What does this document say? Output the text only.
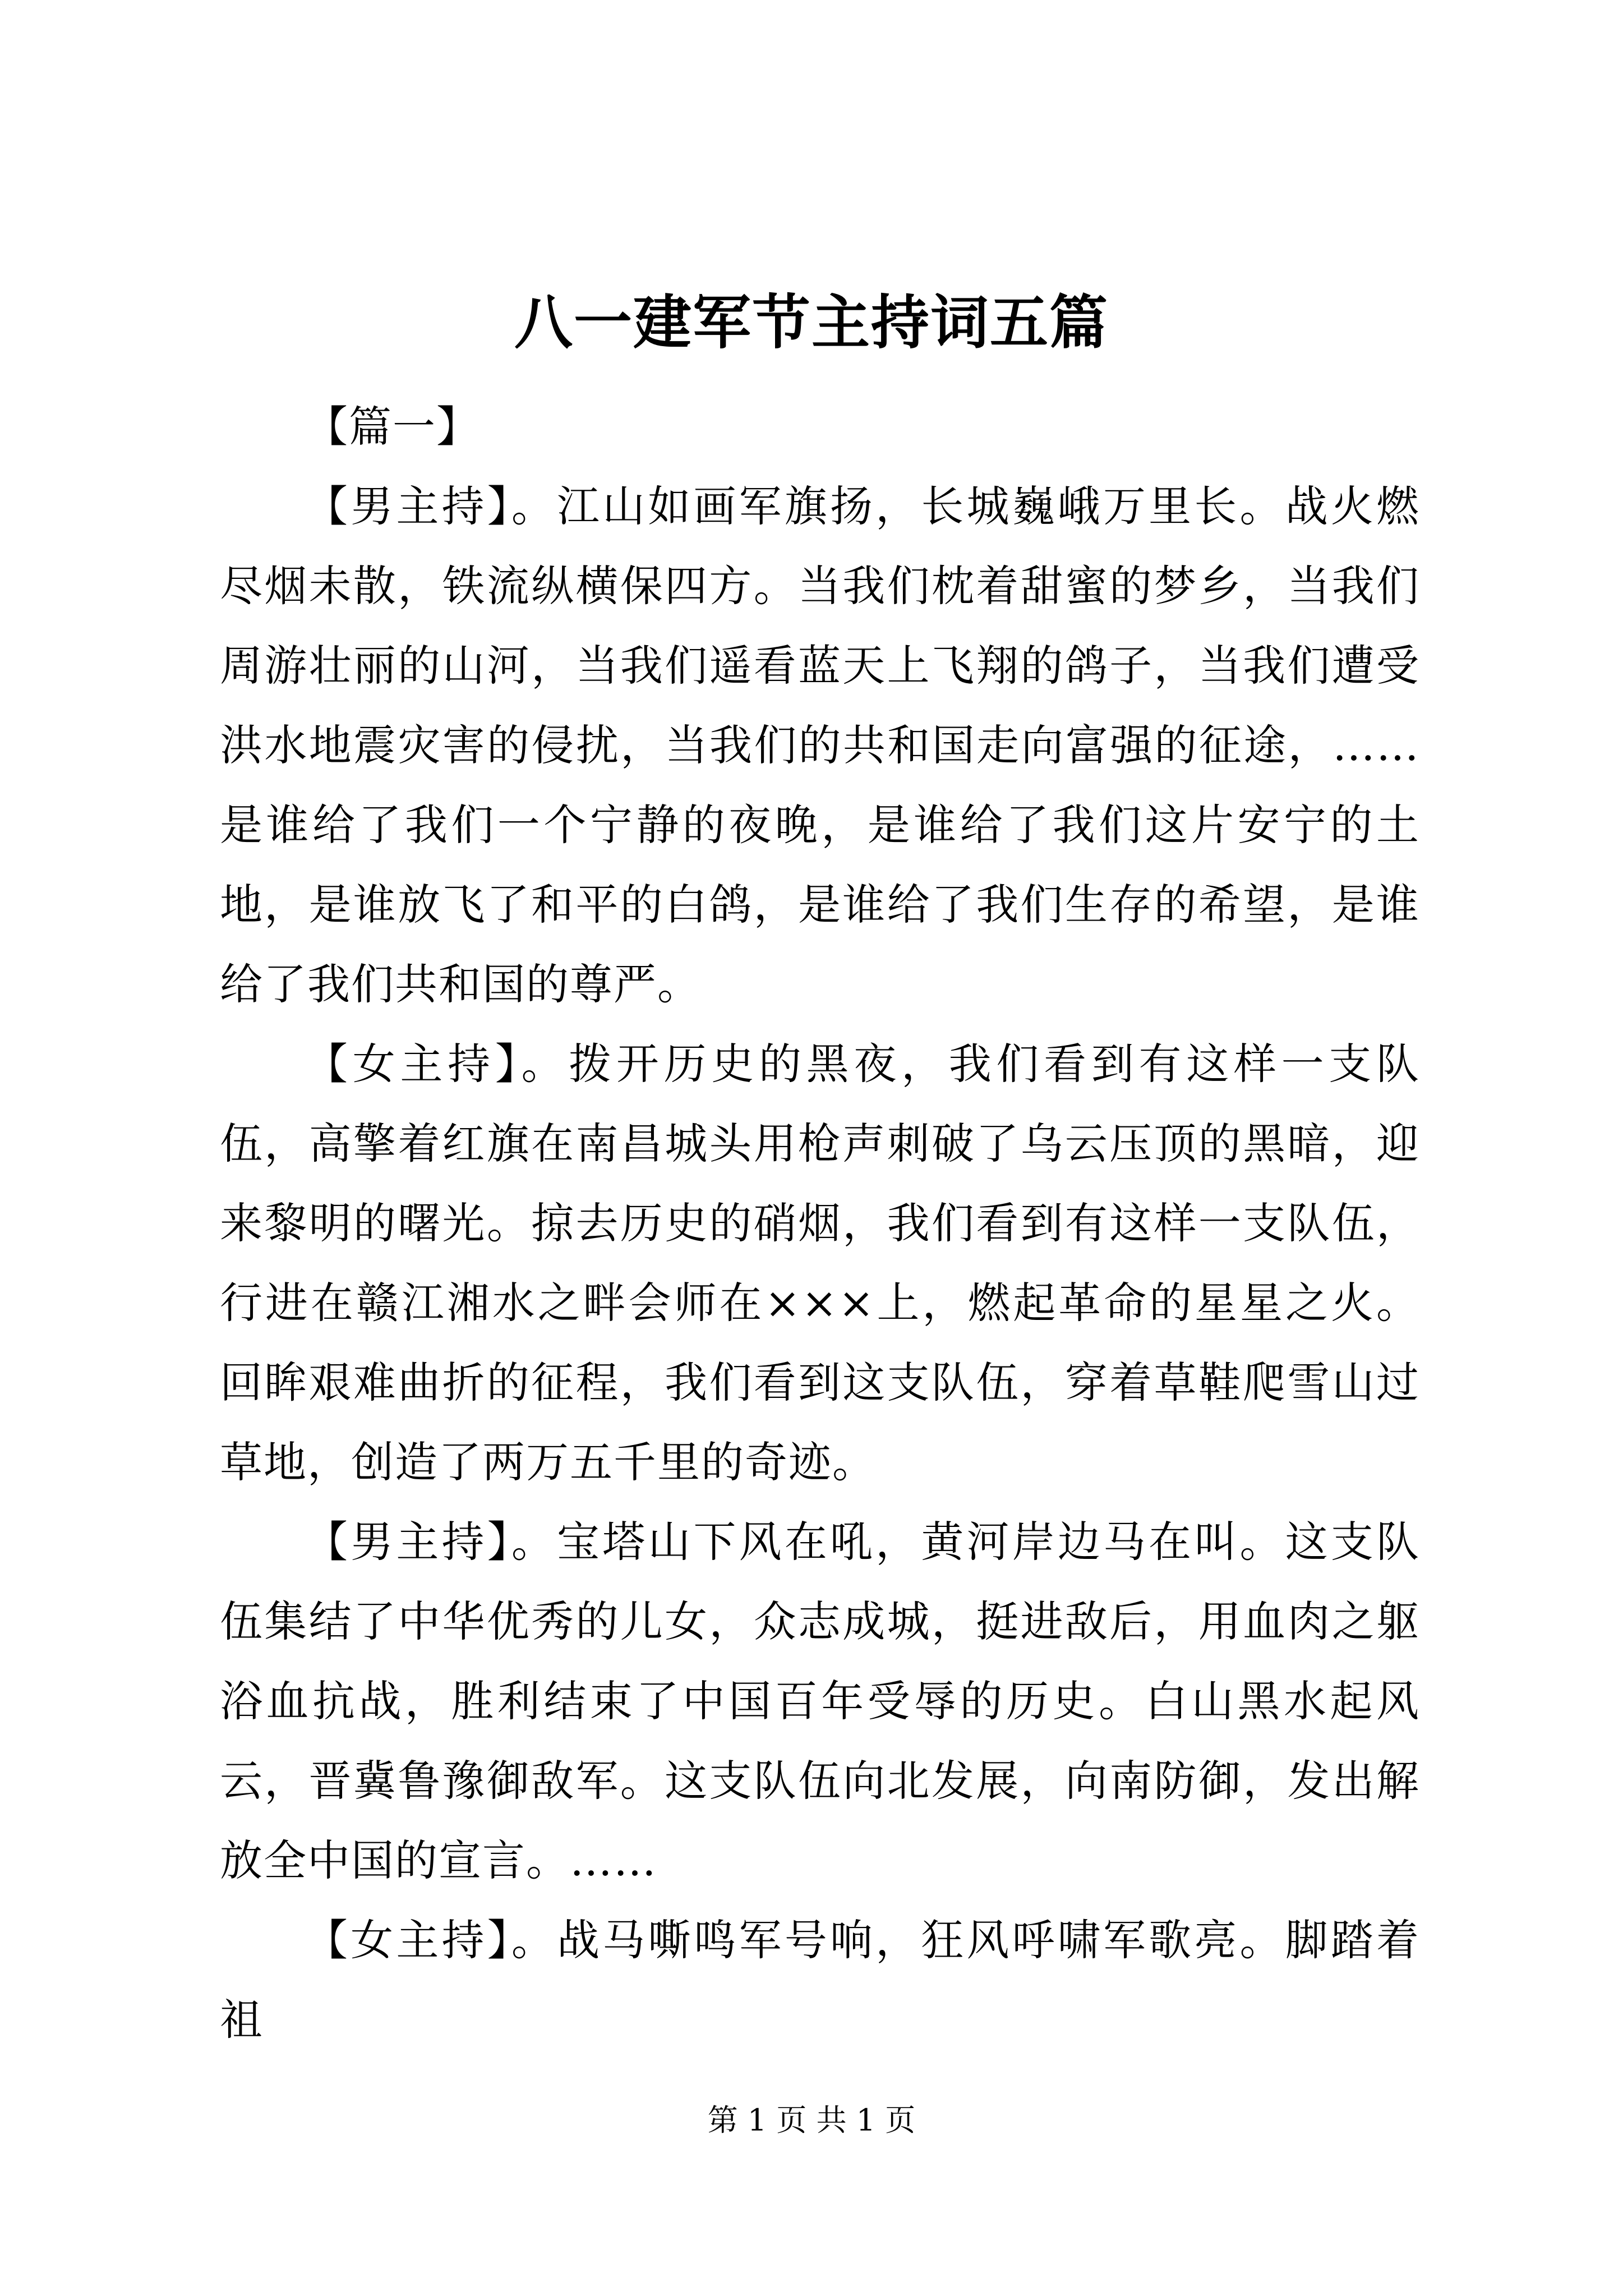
八一建军节主持词五篇

【篇一】

【男主持】。江山如画军旗扬，长城巍峨万里长。战火燃尽烟未散，铁流纵横保四方。当我们枕着甜蜜的梦乡，当我们周游壮丽的山河，当我们遥看蓝天上飞翔的鸽子，当我们遭受洪水地震灾害的侵扰，当我们的共和国走向富强的征途，……是谁给了我们一个宁静的夜晚，是谁给了我们这片安宁的土地，是谁放飞了和平的白鸽，是谁给了我们生存的希望，是谁给了我们共和国的尊严。

【女主持】。拨开历史的黑夜，我们看到有这样一支队伍，高擎着红旗在南昌城头用枪声刺破了乌云压顶的黑暗，迎来黎明的曙光。掠去历史的硝烟，我们看到有这样一支队伍，行进在赣江湘水之畔会师在×××上，燃起革命的星星之火。回眸艰难曲折的征程，我们看到这支队伍，穿着草鞋爬雪山过草地，创造了两万五千里的奇迹。

【男主持】。宝塔山下风在吼，黄河岸边马在叫。这支队伍集结了中华优秀的儿女，众志成城，挺进敌后，用血肉之躯浴血抗战，胜利结束了中国百年受辱的历史。白山黑水起风云，晋冀鲁豫御敌军。这支队伍向北发展，向南防御，发出解放全中国的宣言。……

【女主持】。战马嘶鸣军号响，狂风呼啸军歌亮。脚踏着祖

第 1 页 共 1 页
